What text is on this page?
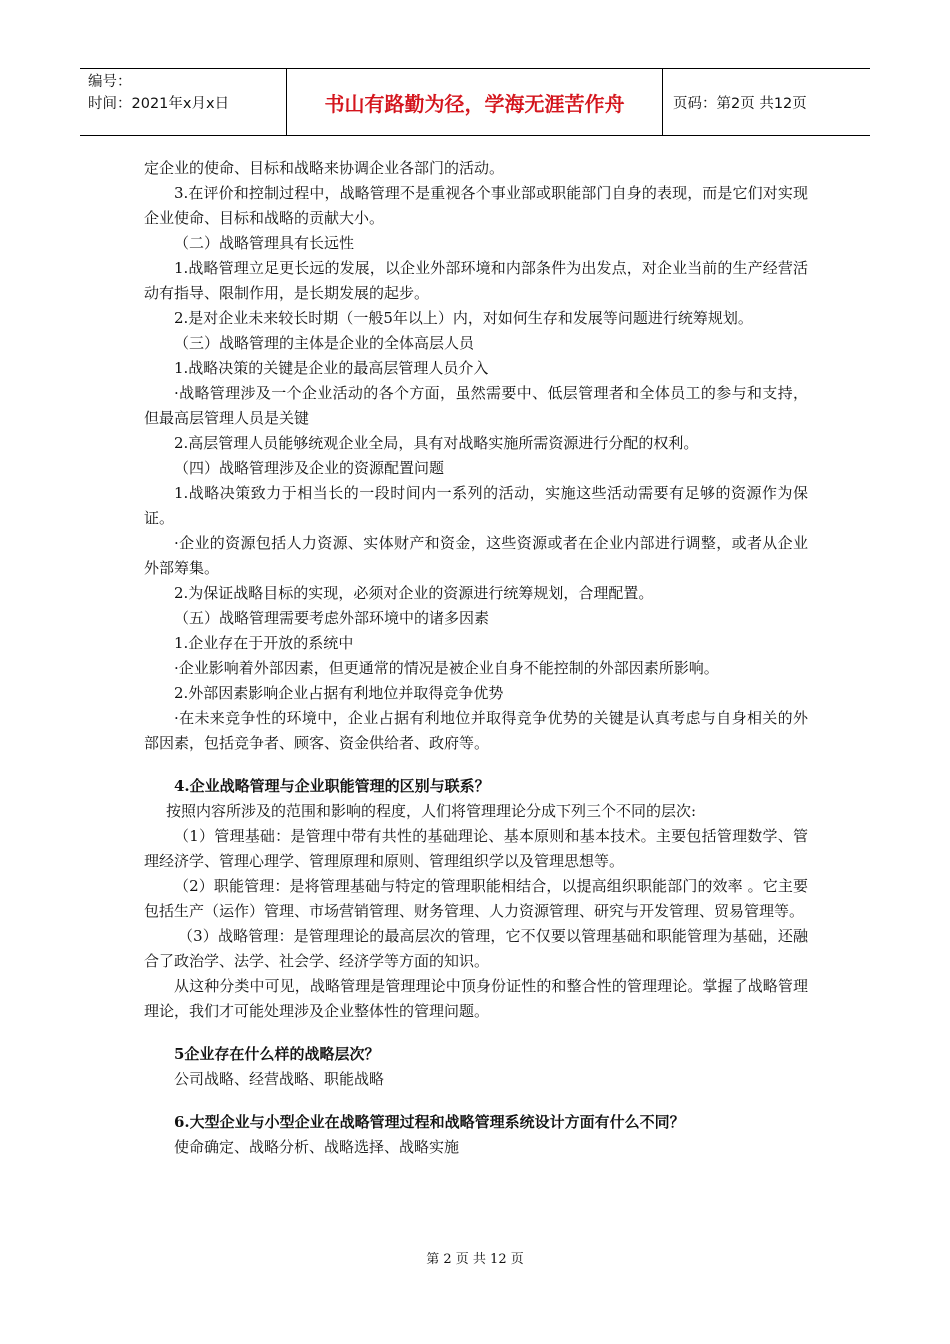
编号：
时间：2021年x月x日	书山有路勤为径，学海无涯苦作舟	页码：第2页 共12页

定企业的使命、目标和战略来协调企业各部门的活动。

3.在评价和控制过程中，战略管理不是重视各个事业部或职能部门自身的表现，而是它们对实现企业使命、目标和战略的贡献大小。

（二）战略管理具有长远性

1.战略管理立足更长远的发展，以企业外部环境和内部条件为出发点，对企业当前的生产经营活动有指导、限制作用，是长期发展的起步。

2.是对企业未来较长时期（一般5年以上）内，对如何生存和发展等问题进行统筹规划。

（三）战略管理的主体是企业的全体高层人员

1.战略决策的关键是企业的最高层管理人员介入

·战略管理涉及一个企业活动的各个方面，虽然需要中、低层管理者和全体员工的参与和支持，但最高层管理人员是关键

2.高层管理人员能够统观企业全局，具有对战略实施所需资源进行分配的权利。

（四）战略管理涉及企业的资源配置问题

1.战略决策致力于相当长的一段时间内一系列的活动，实施这些活动需要有足够的资源作为保证。

·企业的资源包括人力资源、实体财产和资金，这些资源或者在企业内部进行调整，或者从企业外部筹集。

2.为保证战略目标的实现，必须对企业的资源进行统筹规划，合理配置。

（五）战略管理需要考虑外部环境中的诸多因素

1.企业存在于开放的系统中

·企业影响着外部因素，但更通常的情况是被企业自身不能控制的外部因素所影响。

2.外部因素影响企业占据有利地位并取得竞争优势

·在未来竞争性的环境中，企业占据有利地位并取得竞争优势的关键是认真考虑与自身相关的外部因素，包括竞争者、顾客、资金供给者、政府等。

4.企业战略管理与企业职能管理的区别与联系？

按照内容所涉及的范围和影响的程度，人们将管理理论分成下列三个不同的层次:

（1）管理基础：是管理中带有共性的基础理论、基本原则和基本技术。主要包括管理数学、管理经济学、管理心理学、管理原理和原则、管理组织学以及管理思想等。

（2）职能管理：是将管理基础与特定的管理职能相结合，以提高组织职能部门的效率 。它主要包括生产（运作）管理、市场营销管理、财务管理、人力资源管理、研究与开发管理、贸易管理等。

（3）战略管理：是管理理论的最高层次的管理，它不仅要以管理基础和职能管理为基础，还融合了政治学、法学、社会学、经济学等方面的知识。

从这种分类中可见，战略管理是管理理论中顶身份证性的和整合性的管理理论。掌握了战略管理理论，我们才可能处理涉及企业整体性的管理问题。

5企业存在什么样的战略层次？

公司战略、经营战略、职能战略

6.大型企业与小型企业在战略管理过程和战略管理系统设计方面有什么不同？

使命确定、战略分析、战略选择、战略实施

第 2 页 共 12 页
